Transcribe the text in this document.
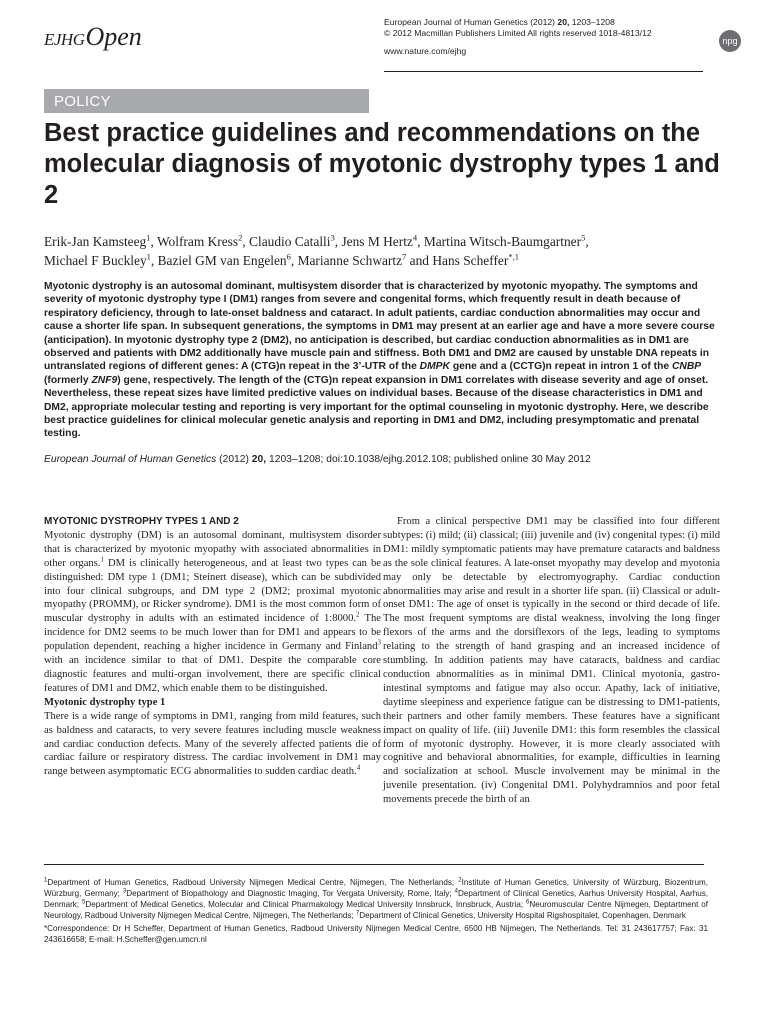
EJHGOpen	European Journal of Human Genetics (2012) 20, 1203–1208
© 2012 Macmillan Publishers Limited All rights reserved 1018-4813/12
www.nature.com/ejhg
npg
POLICY
Best practice guidelines and recommendations on the molecular diagnosis of myotonic dystrophy types 1 and 2
Erik-Jan Kamsteeg$^1$, Wolfram Kress$^2$, Claudio Catalli$^3$, Jens M Hertz$^4$, Martina Witsch-Baumgartner$^5$,
Michael F Buckley$^1$, Baziel GM van Engelen$^6$, Marianne Schwartz$^7$ and Hans Scheffer$^{*,1}$
Myotonic dystrophy is an autosomal dominant, multisystem disorder that is characterized by myotonic myopathy. The symptoms and severity of myotonic dystrophy type I (DM1) ranges from severe and congenital forms, which frequently result in death because of respiratory deficiency, through to late-onset baldness and cataract. In adult patients, cardiac conduction abnormalities may occur and cause a shorter life span. In subsequent generations, the symptoms in DM1 may present at an earlier age and have a more severe course (anticipation). In myotonic dystrophy type 2 (DM2), no anticipation is described, but cardiac conduction abnormalities as in DM1 are observed and patients with DM2 additionally have muscle pain and stiffness. Both DM1 and DM2 are caused by unstable DNA repeats in untranslated regions of different genes: A (CTG)n repeat in the 3’-UTR of the DMPK gene and a (CCTG)n repeat in intron 1 of the CNBP (formerly ZNF9) gene, respectively. The length of the (CTG)n repeat expansion in DM1 correlates with disease severity and age of onset. Nevertheless, these repeat sizes have limited predictive values on individual bases. Because of the disease characteristics in DM1 and DM2, appropriate molecular testing and reporting is very important for the optimal counseling in myotonic dystrophy. Here, we describe best practice guidelines for clinical molecular genetic analysis and reporting in DM1 and DM2, including presymptomatic and prenatal testing.
European Journal of Human Genetics (2012) 20, 1203–1208; doi:10.1038/ejhg.2012.108; published online 30 May 2012

MYOTONIC DYSTROPHY TYPES 1 AND 2

Myotonic dystrophy (DM) is an autosomal dominant, multisystem disorder that is characterized by myotonic myopathy with associated abnormalities in other organs.$^1$ DM is clinically heterogeneous, and at least two types can be distinguished: DM type 1 (DM1; Steinert disease), which can be subdivided into four clinical subgroups, and DM type 2 (DM2; proximal myotonic myopathy (PROMM), or Ricker syndrome). DM1 is the most common form of muscular dystrophy in adults with an estimated incidence of 1:8000.$^2$ The incidence for DM2 seems to be much lower than for DM1 and appears to be population dependent, reaching a higher incidence in Germany and Finland$^3$ with an incidence similar to that of DM1. Despite the comparable core diagnostic features and multi-organ involvement, there are specific clinical features of DM1 and DM2, which enable them to be distinguished.

Myotonic dystrophy type 1

There is a wide range of symptoms in DM1, ranging from mild features, such as baldness and cataracts, to very severe features including muscle weakness and cardiac conduction defects. Many of the severely affected patients die of cardiac failure or respiratory distress. The cardiac involvement in DM1 may range between asymptomatic ECG abnormalities to sudden cardiac death.$^4$

From a clinical perspective DM1 may be classified into four different subtypes: (i) mild; (ii) classical; (iii) juvenile and (iv) congenital types: (i) mild DM1: mildly symptomatic patients may have premature cataracts and baldness as the sole clinical features. A late-onset myopathy may develop and myotonia may only be detectable by electromyography. Cardiac conduction abnormalities may arise and result in a shorter life span. (ii) Classical or adult-onset DM1: The age of onset is typically in the second or third decade of life. The most frequent symptoms are distal weakness, involving the long finger flexors of the arms and the dorsiflexors of the legs, leading to symptoms relating to the strength of hand grasping and an increased incidence of stumbling. In addition patients may have cataracts, baldness and cardiac conduction abnormalities as in minimal DM1. Clinical myotonia, gastro-intestinal symptoms and fatigue may also occur. Apathy, lack of initiative, daytime sleepiness and experience fatigue can be distressing to DM1-patients, their partners and other family members. These features have a significant impact on quality of life. (iii) Juvenile DM1: this form resembles the classical form of myotonic dystrophy. However, it is more clearly associated with cognitive and behavioral abnormalities, for example, difficulties in learning and socialization at school. Muscle involvement may be minimal in the juvenile presentation. (iv) Congenital DM1. Polyhydramnios and poor fetal movements precede the birth of an

$^1$Department of Human Genetics, Radboud University Nijmegen Medical Centre, Nijmegen, The Netherlands; $^2$Institute of Human Genetics, University of Würzburg, Biozentrum, Würzburg, Germany; $^3$Department of Biopathology and Diagnostic Imaging, Tor Vergata University, Rome, Italy; $^4$Department of Clinical Genetics, Aarhus University Hospital, Aarhus, Denmark; $^5$Department of Medical Genetics, Molecular and Clinical Pharmakology Medical University Innsbruck, Innsbruck, Austria; $^6$Neuromuscular Centre Nijmegen, Deptartment of Neurology, Radboud University Nijmegen Medical Centre, Nijmegen, The Netherlands; $^7$Department of Clinical Genetics, University Hospital Rigshospitalet, Copenhagen, Denmark

*Correspondence: Dr H Scheffer, Department of Human Genetics, Radboud University Nijmegen Medical Centre, 6500 HB Nijmegen, The Netherlands. Tel: 31 243617757; Fax: 31 243616658; E-mail: H.Scheffer@gen.umcn.nl
